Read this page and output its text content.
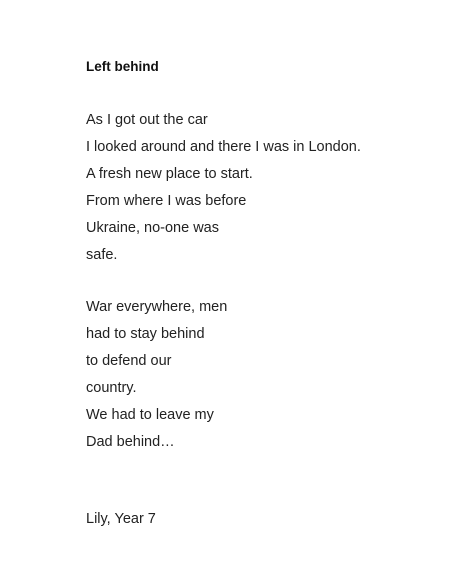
Left behind
As I got out the car
I looked around and there I was in London.
A fresh new place to start.
From where I was before
Ukraine, no-one was
safe.
War everywhere, men
had to stay behind
to defend our
country.
We had to leave my
Dad behind…
Lily, Year 7
